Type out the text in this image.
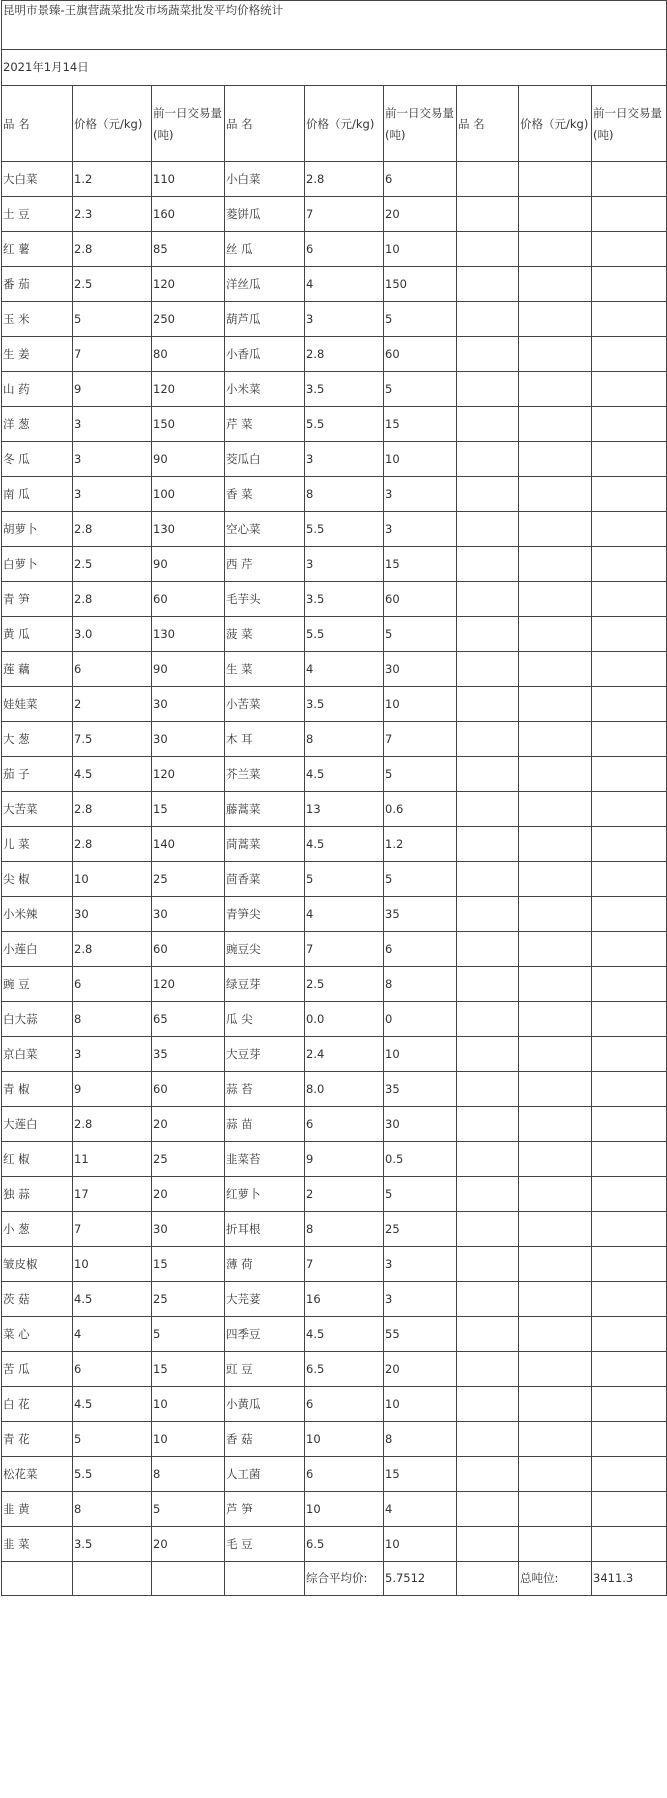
昆明市景臻-王旗营蔬菜批发市场蔬菜批发平均价格统计								
2021年1月14日								
品 名	价格（元/kg)	前一日交易量(吨)	品 名	价格（元/kg)	前一日交易量(吨)	品 名	价格（元/kg)	前一日交易量(吨)
大白菜	1.2	110	小白菜	2.8	6			
土 豆	2.3	160	菱饼瓜	7	20			
红 薯	2.8	85	丝 瓜	6	10			
番 茄	2.5	120	洋丝瓜	4	150			
玉 米	5	250	葫芦瓜	3	5			
生 姜	7	80	小香瓜	2.8	60			
山 药	9	120	小米菜	3.5	5			
洋 葱	3	150	芹 菜	5.5	15			
冬 瓜	3	90	茭瓜白	3	10			
南 瓜	3	100	香 菜	8	3			
胡萝卜	2.8	130	空心菜	5.5	3			
白萝卜	2.5	90	西 芹	3	15			
青 笋	2.8	60	毛芋头	3.5	60			
黄 瓜	3.0	130	菠 菜	5.5	5			
莲 藕	6	90	生 菜	4	30			
娃娃菜	2	30	小苦菜	3.5	10			
大 葱	7.5	30	木 耳	8	7			
茄 子	4.5	120	芥兰菜	4.5	5			
大苦菜	2.8	15	藤蒿菜	13	0.6			
儿 菜	2.8	140	茼蒿菜	4.5	1.2			
尖 椒	10	25	茴香菜	5	5			
小米辣	30	30	青笋尖	4	35			
小莲白	2.8	60	豌豆尖	7	6			
豌 豆	6	120	绿豆芽	2.5	8			
白大蒜	8	65	瓜 尖	0.0	0			
京白菜	3	35	大豆芽	2.4	10			
青 椒	9	60	蒜 苔	8.0	35			
大莲白	2.8	20	蒜 苗	6	30			
红 椒	11	25	韭菜苔	9	0.5			
独 蒜	17	20	红萝卜	2	5			
小 葱	7	30	折耳根	8	25			
皱皮椒	10	15	薄 荷	7	3			
茨 菇	4.5	25	大芫荽	16	3			
菜 心	4	5	四季豆	4.5	55			
苦 瓜	6	15	豇 豆	6.5	20			
白 花	4.5	10	小黄瓜	6	10			
青 花	5	10	香 菇	10	8			
松花菜	5.5	8	人工菌	6	15			
韭 黄	8	5	芦 笋	10	4			
韭 菜	3.5	20	毛 豆	6.5	10			
				综合平均价:	5.7512		总吨位:	3411.3
